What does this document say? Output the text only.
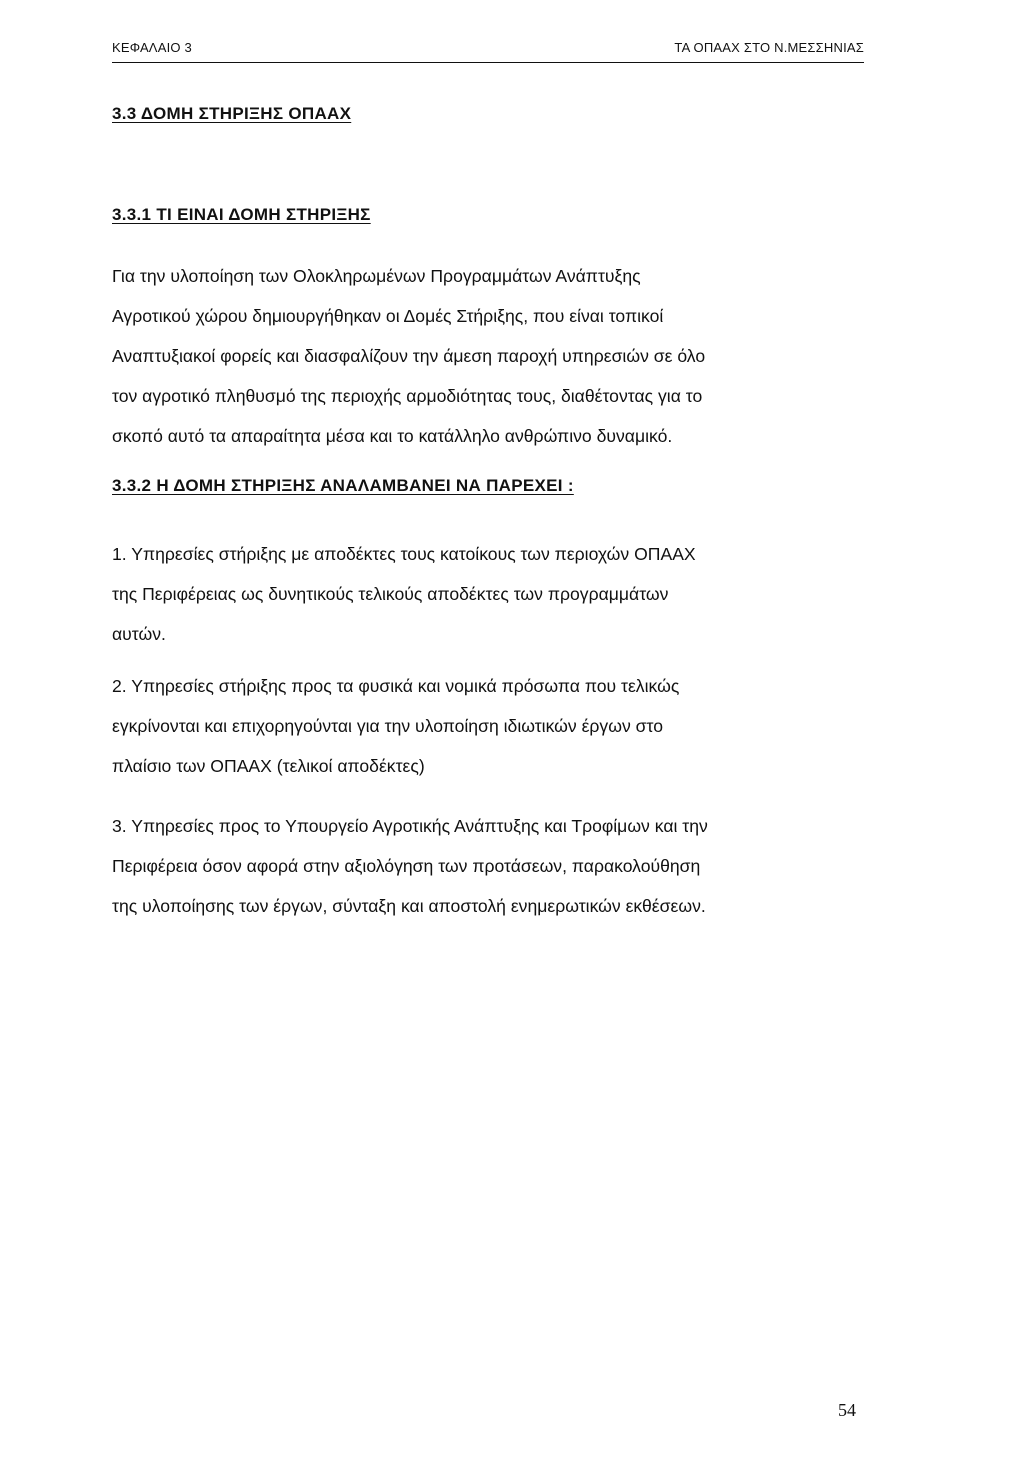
ΚΕΦΑΛΑΙΟ 3	ΤΑ ΟΠΑΑΧ ΣΤΟ Ν.ΜΕΣΣΗΝΙΑΣ
3.3 ΔΟΜΗ ΣΤΗΡΙΞΗΣ ΟΠΑΑΧ
3.3.1 ΤΙ ΕΙΝΑΙ ΔΟΜΗ ΣΤΗΡΙΞΗΣ

Για την υλοποίηση των Ολοκληρωμένων Προγραμμάτων Ανάπτυξης
Αγροτικού χώρου δημιουργήθηκαν οι Δομές Στήριξης, που είναι τοπικοί
Αναπτυξιακοί φορείς και διασφαλίζουν την άμεση παροχή υπηρεσιών σε όλο
τον αγροτικό πληθυσμό της περιοχής αρμοδιότητας τους, διαθέτοντας για το
σκοπό αυτό τα απαραίτητα μέσα και το κατάλληλο ανθρώπινο δυναμικό.

3.3.2 Η ΔΟΜΗ ΣΤΗΡΙΞΗΣ ΑΝΑΛΑΜΒΑΝΕΙ ΝΑ ΠΑΡΕΧΕΙ :

1. Υπηρεσίες στήριξης με αποδέκτες τους κατοίκους των περιοχών ΟΠΑΑΧ
της Περιφέρειας ως δυνητικούς τελικούς αποδέκτες των προγραμμάτων
αυτών.

2. Υπηρεσίες στήριξης προς τα φυσικά και νομικά πρόσωπα που τελικώς
εγκρίνονται και επιχορηγούνται για την υλοποίηση ιδιωτικών έργων στο
πλαίσιο των ΟΠΑΑΧ (τελικοί αποδέκτες)

3. Υπηρεσίες προς το Υπουργείο Αγροτικής Ανάπτυξης και Τροφίμων και την
Περιφέρεια όσον αφορά στην αξιολόγηση των προτάσεων, παρακολούθηση
της υλοποίησης των έργων, σύνταξη και αποστολή ενημερωτικών εκθέσεων.

54
